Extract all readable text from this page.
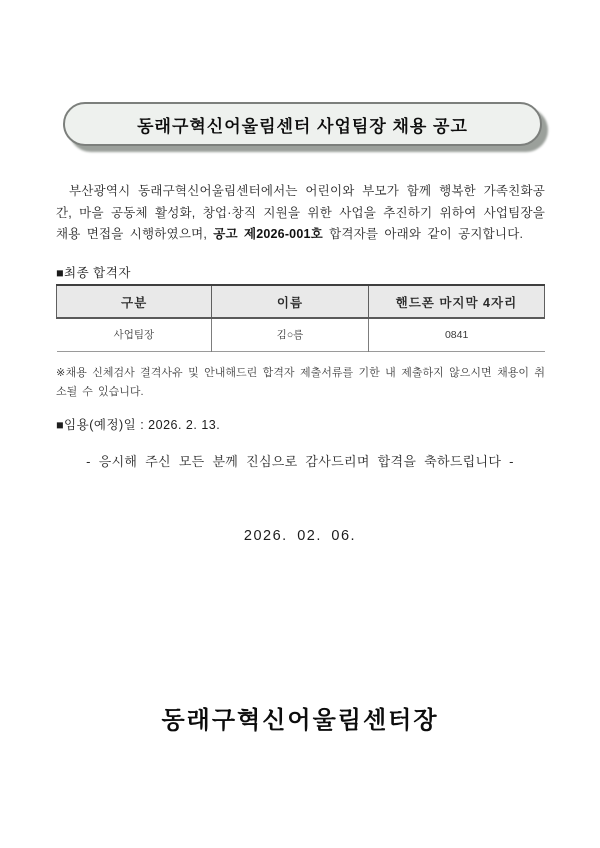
동래구혁신어울림센터 사업팀장 채용 공고

부산광역시 동래구혁신어울림센터에서는 어린이와 부모가 함께 행복한 가족친화공간, 마을 공동체 활성화, 창업·창직 지원을 위한 사업을 추진하기 위하여 사업팀장을 채용 면접을 시행하였으며, 공고 제2026-001호 합격자를 아래와 같이 공지합니다.

■최종 합격자
구분	이름	핸드폰 마지막 4자리
사업팀장	김○름	0841

※채용 신체검사 결격사유 및 안내해드린 합격자 제출서류를 기한 내 제출하지 않으시면 채용이 취소될 수 있습니다.

■임용(예정)일 : 2026. 2. 13.
- 응시해 주신 모든 분께 진심으로 감사드리며 합격을 축하드립니다 -
2026. 02. 06.
동래구혁신어울림센터장
